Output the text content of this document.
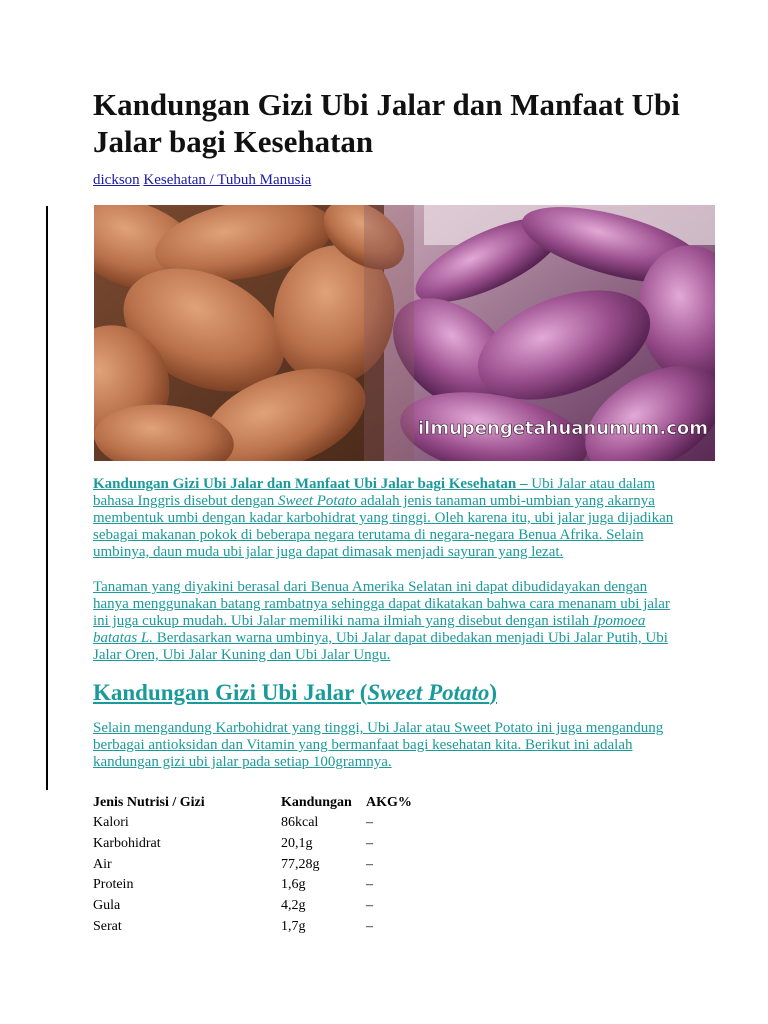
Kandungan Gizi Ubi Jalar dan Manfaat Ubi Jalar bagi Kesehatan
dickson Kesehatan / Tubuh Manusia
ilmupengetahuanumum.com

Kandungan Gizi Ubi Jalar dan Manfaat Ubi Jalar bagi Kesehatan – Ubi Jalar atau dalam bahasa Inggris disebut dengan Sweet Potato adalah jenis tanaman umbi-umbian yang akarnya membentuk umbi dengan kadar karbohidrat yang tinggi. Oleh karena itu, ubi jalar juga dijadikan sebagai makanan pokok di beberapa negara terutama di negara-negara Benua Afrika. Selain umbinya, daun muda ubi jalar juga dapat dimasak menjadi sayuran yang lezat.

Tanaman yang diyakini berasal dari Benua Amerika Selatan ini dapat dibudidayakan dengan hanya menggunakan batang rambatnya sehingga dapat dikatakan bahwa cara menanam ubi jalar ini juga cukup mudah. Ubi Jalar memiliki nama ilmiah yang disebut dengan istilah Ipomoea batatas L. Berdasarkan warna umbinya, Ubi Jalar dapat dibedakan menjadi Ubi Jalar Putih, Ubi Jalar Oren, Ubi Jalar Kuning dan Ubi Jalar Ungu.

Kandungan Gizi Ubi Jalar (Sweet Potato)

Selain mengandung Karbohidrat yang tinggi, Ubi Jalar atau Sweet Potato ini juga mengandung berbagai antioksidan dan Vitamin yang bermanfaat bagi kesehatan kita. Berikut ini adalah kandungan gizi ubi jalar pada setiap 100gramnya.

Jenis Nutrisi / Gizi	Kandungan	AKG%
Kalori	86kcal	–
Karbohidrat	20,1g	–
Air	77,28g	–
Protein	1,6g	–
Gula	4,2g	–
Serat	1,7g	–
